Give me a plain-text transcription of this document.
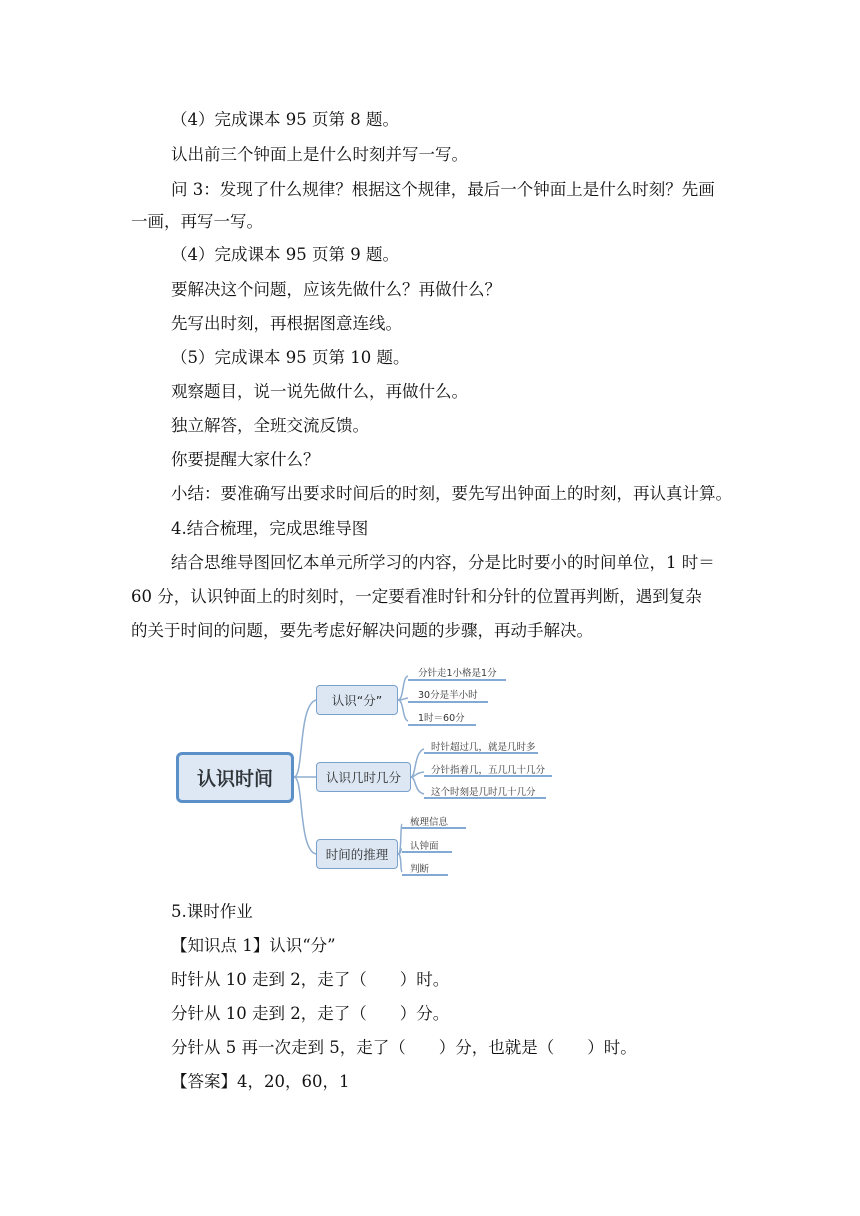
（4）完成课本 95 页第 8 题。
认出前三个钟面上是什么时刻并写一写。
问 3：发现了什么规律？根据这个规律，最后一个钟面上是什么时刻？先画
一画，再写一写。
（4）完成课本 95 页第 9 题。
要解决这个问题，应该先做什么？再做什么？
先写出时刻，再根据图意连线。
（5）完成课本 95 页第 10 题。
观察题目，说一说先做什么，再做什么。
独立解答，全班交流反馈。
你要提醒大家什么？
小结：要准确写出要求时间后的时刻，要先写出钟面上的时刻，再认真计算。
4.结合梳理，完成思维导图
结合思维导图回忆本单元所学习的内容，分是比时要小的时间单位，1 时＝
60 分，认识钟面上的时刻时，一定要看准时针和分针的位置再判断，遇到复杂
的关于时间的问题，要先考虑好解决问题的步骤，再动手解决。
认识时间
认识“分”
认识几时几分
时间的推理
分针走1小格是1分
30分是半小时
1时＝60分
时针超过几，就是几时多
分针指着几，五几几十几分
这个时刻是几时几十几分
梳理信息
认钟面
判断
5.课时作业
【知识点 1】认识“分”
时针从 10 走到 2，走了（　　）时。
分针从 10 走到 2，走了（　　）分。
分针从 5 再一次走到 5，走了（　　）分，也就是（　　）时。
【答案】4，20，60，1
